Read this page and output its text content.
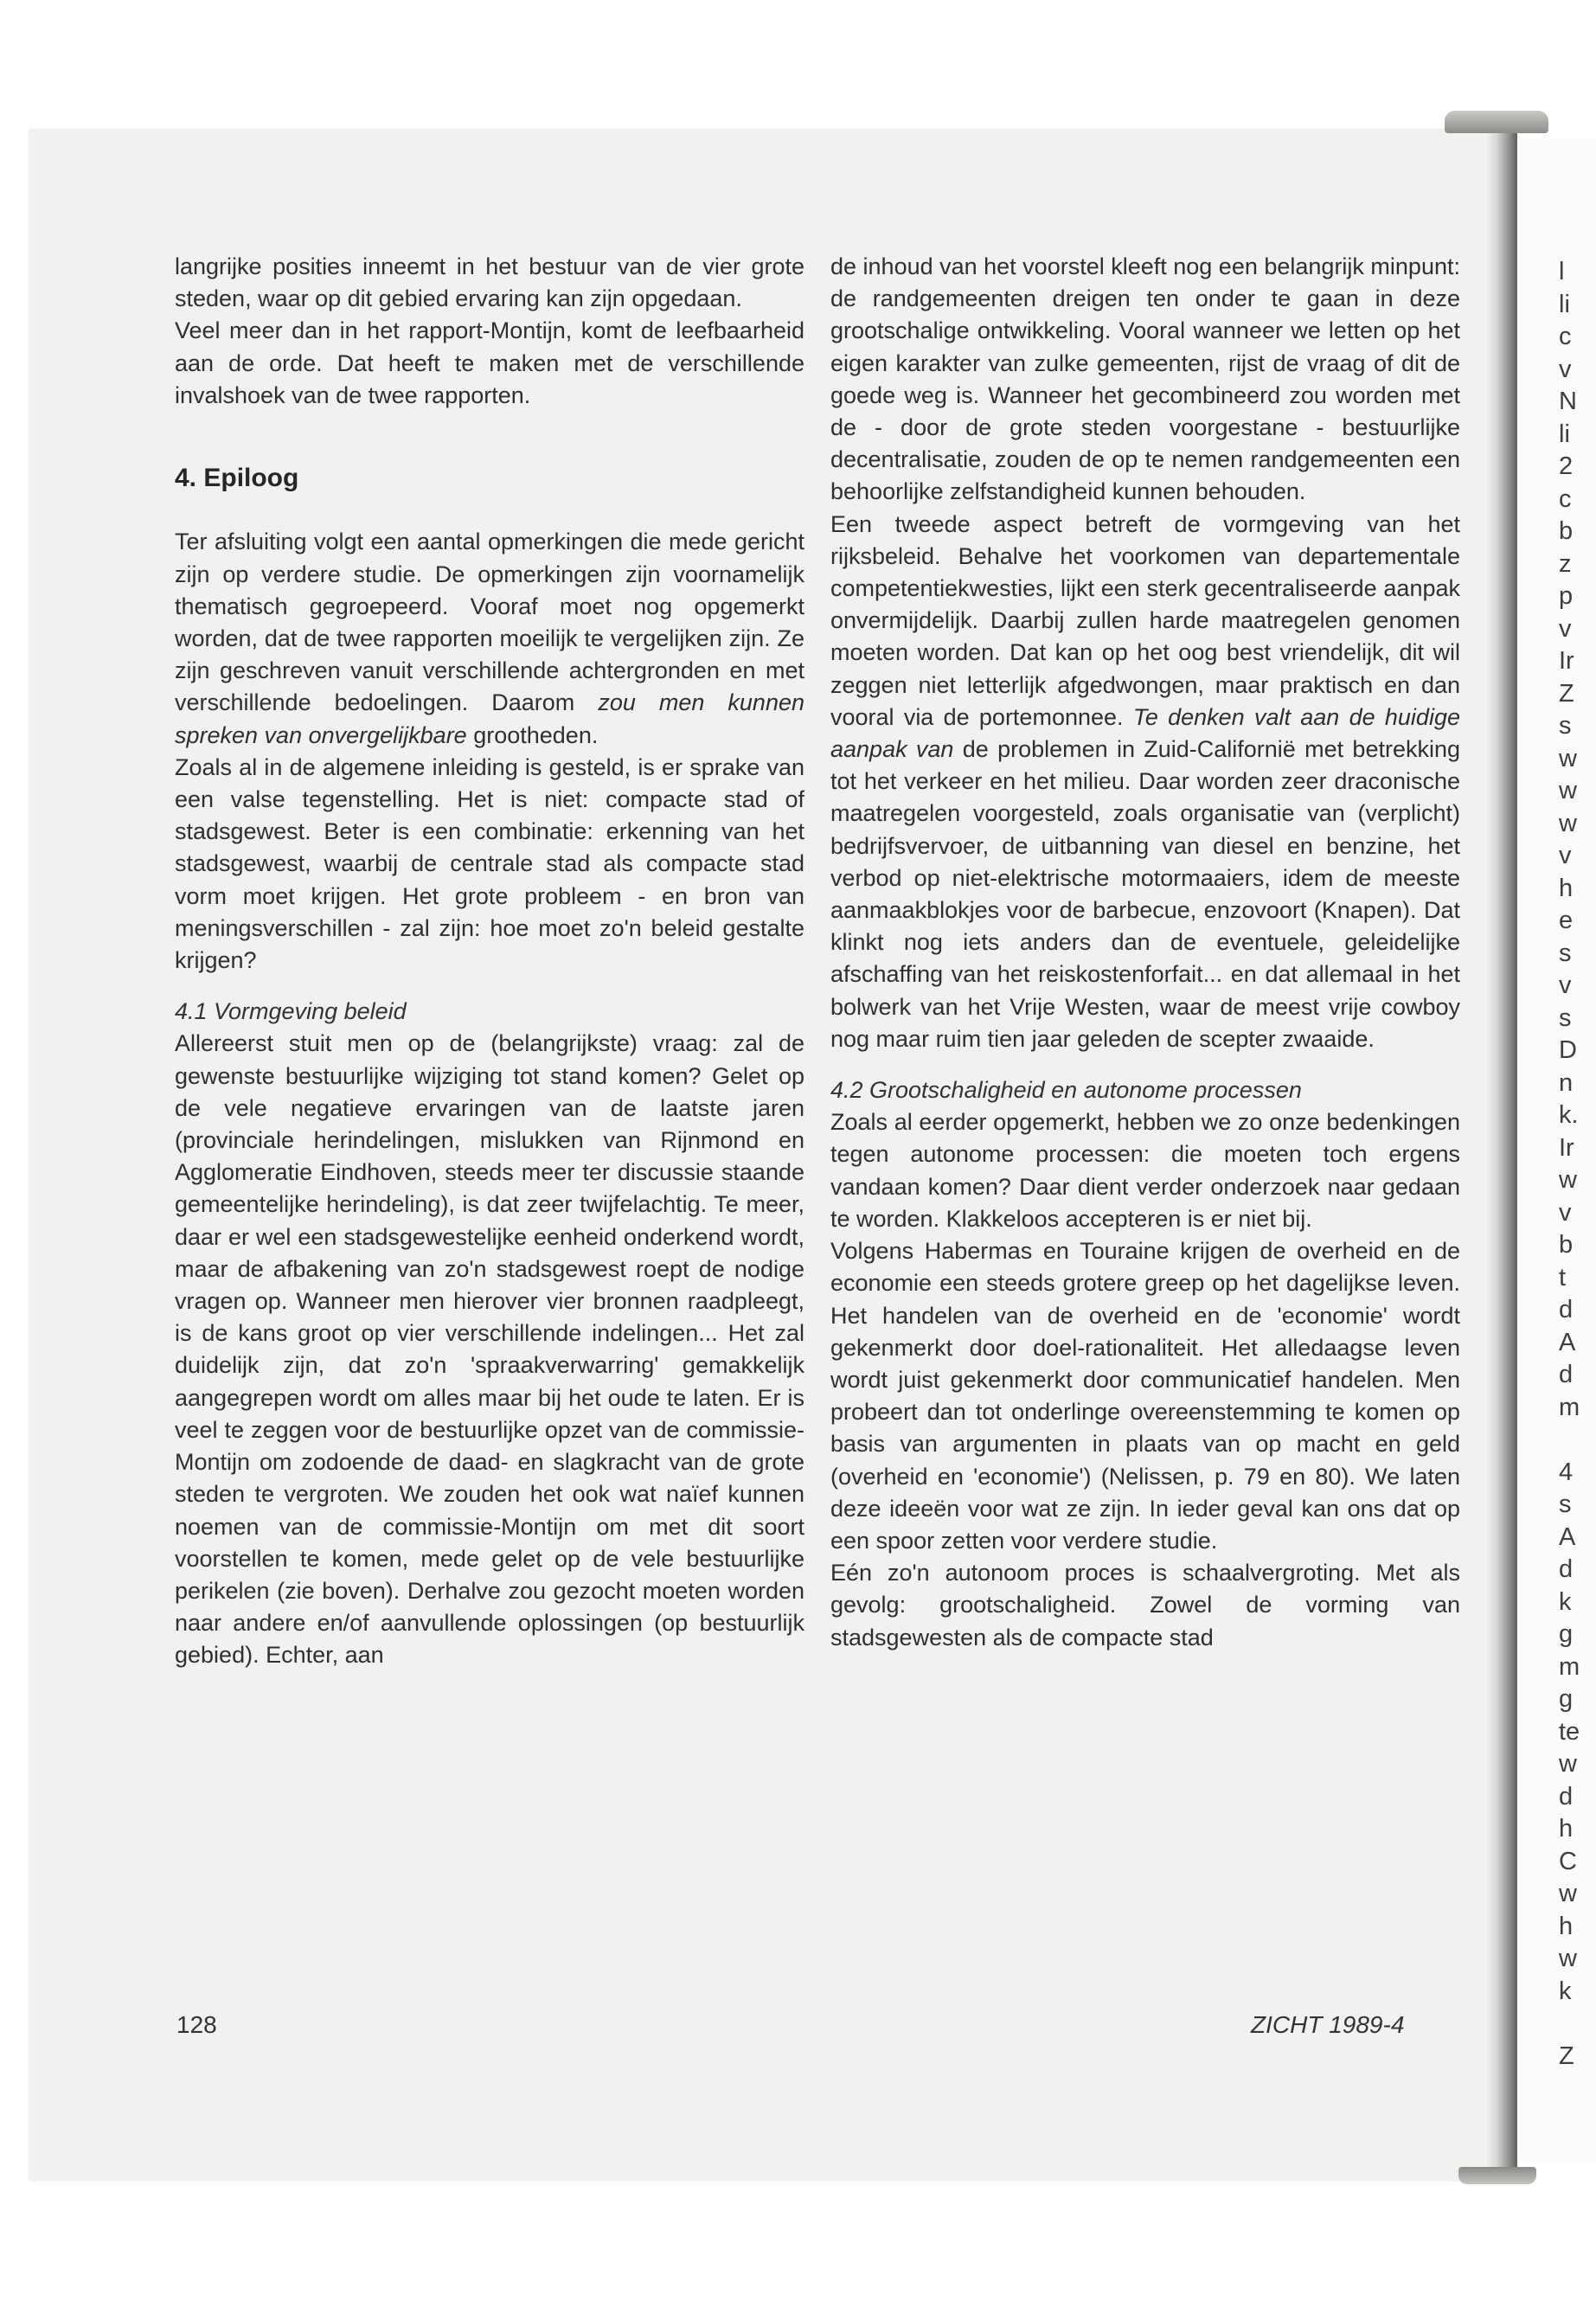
l
li
c
v
N
li
2
c
b
z
p
v
Ir
Z
s
w
w
w
v
h
e
s
v
s
D
n
k.
Ir
w
v
b
t
d
A
d
m
4
s
A
d
k
g
m
g
te
w
d
h
C
w
h
w
k
Z

langrijke posities inneemt in het bestuur van de vier grote steden, waar op dit gebied ervaring kan zijn opgedaan.

Veel meer dan in het rapport-Montijn, komt de leefbaarheid aan de orde. Dat heeft te maken met de verschillende invalshoek van de twee rapporten.

4. Epiloog

Ter afsluiting volgt een aantal opmerkingen die mede gericht zijn op verdere studie. De opmerkingen zijn voornamelijk thematisch gegroepeerd. Vooraf moet nog opgemerkt worden, dat de twee rapporten moeilijk te vergelijken zijn. Ze zijn geschreven vanuit verschillende achtergronden en met verschillende bedoelingen. Daarom zou men kunnen spreken van onvergelijkbare grootheden.

Zoals al in de algemene inleiding is gesteld, is er sprake van een valse tegenstelling. Het is niet: compacte stad of stadsgewest. Beter is een combinatie: erkenning van het stadsgewest, waarbij de centrale stad als compacte stad vorm moet krijgen. Het grote probleem - en bron van meningsverschillen - zal zijn: hoe moet zo'n beleid gestalte krijgen?

4.1 Vormgeving beleid

Allereerst stuit men op de (belangrijkste) vraag: zal de gewenste bestuurlijke wijziging tot stand komen? Gelet op de vele negatieve ervaringen van de laatste jaren (provinciale herindelingen, mislukken van Rijnmond en Agglomeratie Eindhoven, steeds meer ter discussie staande gemeentelijke herindeling), is dat zeer twijfelachtig. Te meer, daar er wel een stadsgewestelijke eenheid onderkend wordt, maar de afbakening van zo'n stadsgewest roept de nodige vragen op. Wanneer men hierover vier bronnen raadpleegt, is de kans groot op vier verschillende indelingen... Het zal duidelijk zijn, dat zo'n 'spraakverwarring' gemakkelijk aangegrepen wordt om alles maar bij het oude te laten. Er is veel te zeggen voor de bestuurlijke opzet van de commissie-Montijn om zodoende de daad- en slagkracht van de grote steden te vergroten. We zouden het ook wat naïef kunnen noemen van de commissie-Montijn om met dit soort voorstellen te komen, mede gelet op de vele bestuurlijke perikelen (zie boven). Derhalve zou gezocht moeten worden naar andere en/of aanvullende oplossingen (op bestuurlijk gebied). Echter, aan

de inhoud van het voorstel kleeft nog een belangrijk minpunt: de randgemeenten dreigen ten onder te gaan in deze grootschalige ontwikkeling. Vooral wanneer we letten op het eigen karakter van zulke gemeenten, rijst de vraag of dit de goede weg is. Wanneer het gecombineerd zou worden met de - door de grote steden voorgestane - bestuurlijke decentralisatie, zouden de op te nemen randgemeenten een behoorlijke zelfstandigheid kunnen behouden.

Een tweede aspect betreft de vormgeving van het rijksbeleid. Behalve het voorkomen van departementale competentiekwesties, lijkt een sterk gecentraliseerde aanpak onvermijdelijk. Daarbij zullen harde maatregelen genomen moeten worden. Dat kan op het oog best vriendelijk, dit wil zeggen niet letterlijk afgedwongen, maar praktisch en dan vooral via de portemonnee. Te denken valt aan de huidige aanpak van de problemen in Zuid-Californië met betrekking tot het verkeer en het milieu. Daar worden zeer draconische maatregelen voorgesteld, zoals organisatie van (verplicht) bedrijfsvervoer, de uitbanning van diesel en benzine, het verbod op niet-elektrische motormaaiers, idem de meeste aanmaakblokjes voor de barbecue, enzovoort (Knapen). Dat klinkt nog iets anders dan de eventuele, geleidelijke afschaffing van het reiskostenforfait... en dat allemaal in het bolwerk van het Vrije Westen, waar de meest vrije cowboy nog maar ruim tien jaar geleden de scepter zwaaide.

4.2 Grootschaligheid en autonome processen

Zoals al eerder opgemerkt, hebben we zo onze bedenkingen tegen autonome processen: die moeten toch ergens vandaan komen? Daar dient verder onderzoek naar gedaan te worden. Klakkeloos accepteren is er niet bij.

Volgens Habermas en Touraine krijgen de overheid en de economie een steeds grotere greep op het dagelijkse leven. Het handelen van de overheid en de 'economie' wordt gekenmerkt door doel-rationaliteit. Het alledaagse leven wordt juist gekenmerkt door communicatief handelen. Men probeert dan tot onderlinge overeenstemming te komen op basis van argumenten in plaats van op macht en geld (overheid en 'economie') (Nelissen, p. 79 en 80). We laten deze ideeën voor wat ze zijn. In ieder geval kan ons dat op een spoor zetten voor verdere studie.

Eén zo'n autonoom proces is schaalvergroting. Met als gevolg: grootschaligheid. Zowel de vorming van stadsgewesten als de compacte stad

128	ZICHT 1989-4
